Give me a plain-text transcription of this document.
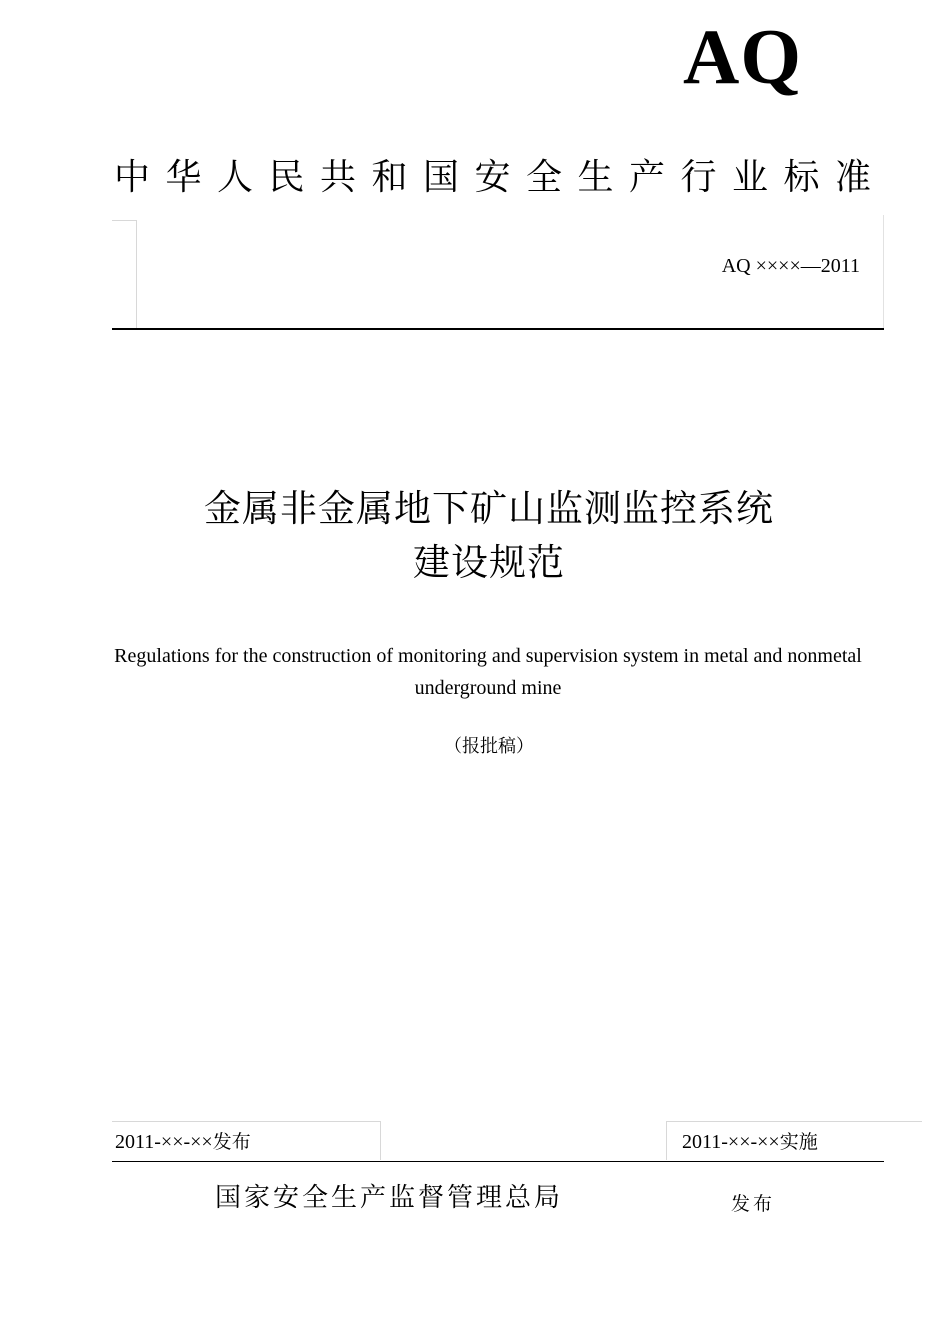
AQ
中华人民共和国安全生产行业标准
AQ ××××—2011
金属非金属地下矿山监测监控系统
建设规范
Regulations for the construction of monitoring and supervision system in metal and nonmetal underground mine
（报批稿）
2011-××-××发布	2011-××-××实施
国家安全生产监督管理总局	发布
